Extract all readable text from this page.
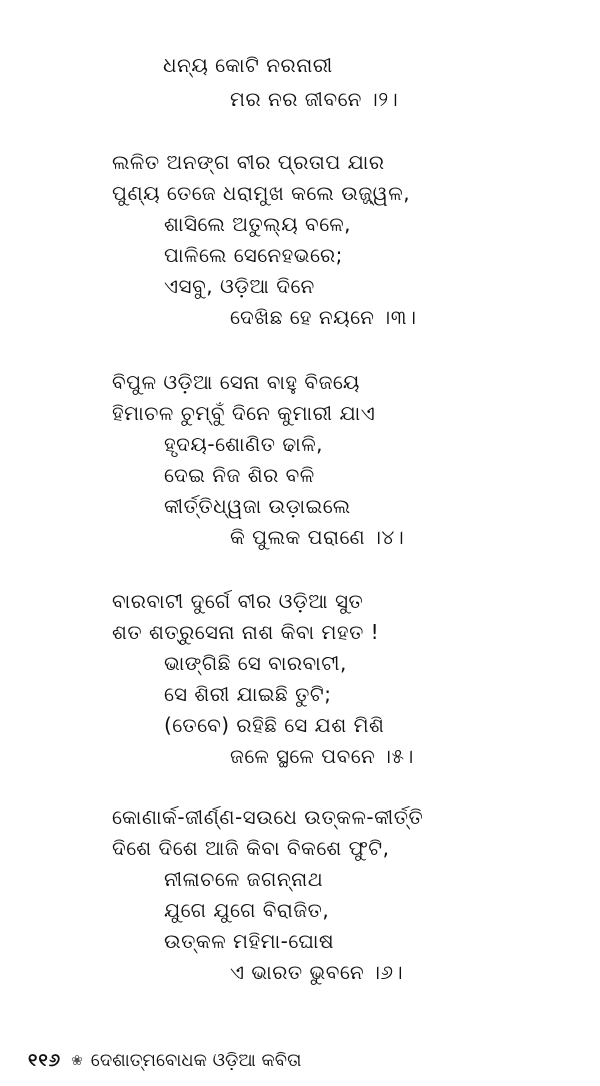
ଧନ୍ୟ କୋଟି ନରନାରୀ
ମର ନର ଜୀବନେ ।୨।
ଲଳିତ ଅନଙ୍ଗ ବୀର ପ୍ରତାପ ଯାର
ପୁଣ୍ୟ ତେଜେ ଧରାମୁଖ କଲେ ଉଜ୍ଜ୍ୱଳ,
ଶାସିଲେ ଅତୁଲ୍ୟ ବଳେ,
ପାଳିଲେ ସେନେହଭରେ;
ଏସବୁ, ଓଡ଼ିଆ ଦିନେ
ଦେଖିଛ ହେ ନୟନେ ।୩।
ବିପୁଳ ଓଡ଼ିଆ ସେନା ବାହୁ ବିଜୟେ
ହିମାଚଳ ଚୁମ୍ବୁଁ ଦିନେ କୁମାରୀ ଯାଏ
ହୃଦୟ-ଶୋଣିତ ଢାଳି,
ଦେଇ ନିଜ ଶିର ବଳି
କୀର୍ତ୍ତିଧ୍ୱଜା ଉଡ଼ାଇଲେ
କି ପୁଲକ ପରାଣେ ।୪।
ବାରବାଟୀ ଦୁର୍ଗେ ବୀର ଓଡ଼ିଆ ସୁତ
ଶତ ଶତ୍ରୁସେନା ନାଶ କିବା ମହତ !
ଭାଙ୍ଗିଛି ସେ ବାରବାଟୀ,
ସେ ଶିରୀ ଯାଇଛି ତୁଟି;
(ତେବେ) ରହିଛି ସେ ଯଶ ମିଶି
ଜଳେ ସ୍ଥଳେ ପବନେ ।୫।
କୋଣାର୍କ-ଜୀର୍ଣ୍ଣ-ସଉଧେ ଉତ୍କଳ-କୀର୍ତ୍ତି
ଦିଶେ ଦିଶେ ଆଜି କିବା ବିକଶେ ଫୁଟି,
ନୀଳାଚଳେ ଜଗନ୍ନାଥ
ଯୁଗେ ଯୁଗେ ବିରାଜିତ,
ଉତ୍କଳ ମହିମା-ଘୋଷ
ଏ ଭାରତ ଭୁବନେ ।୬।
୧୧୬ ❀ ଦେଶାତ୍ମବୋଧକ ଓଡ଼ିଆ କବିତା
